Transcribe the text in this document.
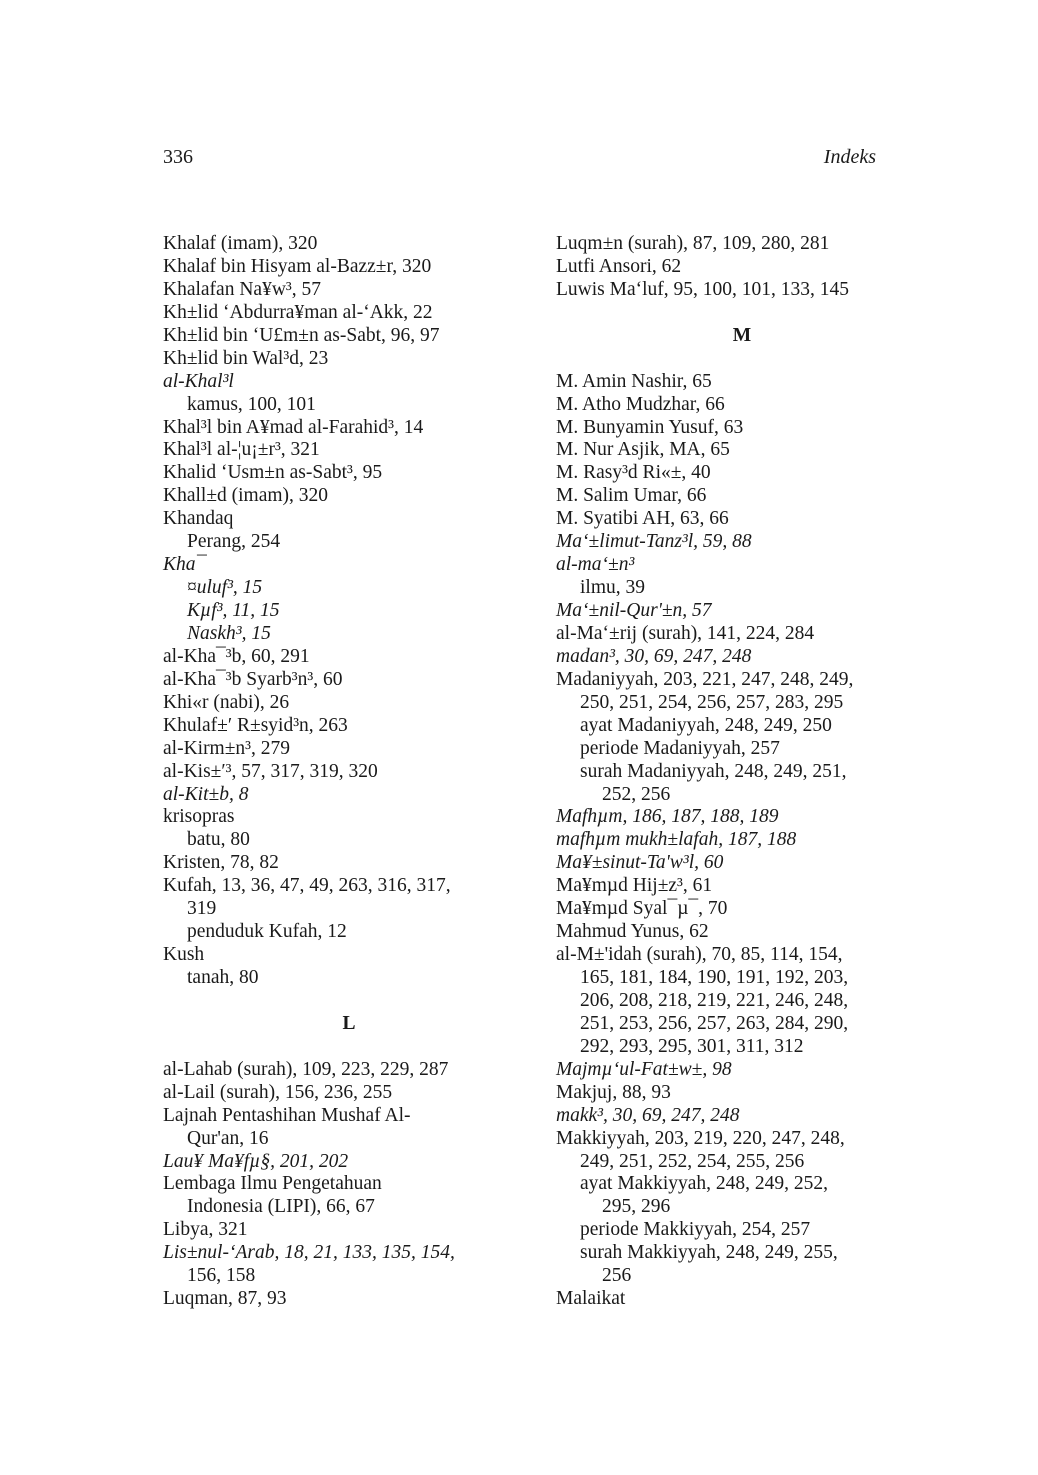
336	Indeks
Khalaf (imam), 320
Khalaf bin Hisyam al-Bazz±r, 320
Khalafan Na¥w³, 57
Kh±lid ‘Abdurra¥man al-‘Akk, 22
Kh±lid bin ‘U£m±n as-Sabt, 96, 97
Kh±lid bin Wal³d, 23
al-Khal³l
kamus, 100, 101
Khal³l bin A¥mad al-Farahid³, 14
Khal³l al-¦u¡±r³, 321
Khalid ‘Usm±n as-Sabt³, 95
Khall±d (imam), 320
Khandaq
Perang, 254
Kha¯
¤uluf³, 15
Kµf³, 11, 15
Naskh³, 15
al-Kha¯³b, 60, 291
al-Kha¯³b Syarb³n³, 60
Khi«r (nabi), 26
Khulaf±′ R±syid³n, 263
al-Kirm±n³, 279
al-Kis±′³, 57, 317, 319, 320
al-Kit±b, 8
krisopras
batu, 80
Kristen, 78, 82
Kufah, 13, 36, 47, 49, 263, 316, 317,
319
penduduk Kufah, 12
Kush
tanah, 80
L
al-Lahab (surah), 109, 223, 229, 287
al-Lail (surah), 156, 236, 255
Lajnah Pentashihan Mushaf Al-
Qur'an, 16
Lau¥ Ma¥fµ§, 201, 202
Lembaga Ilmu Pengetahuan
Indonesia (LIPI), 66, 67
Libya, 321
Lis±nul-‘Arab, 18, 21, 133, 135, 154,
156, 158
Luqman, 87, 93
Luqm±n (surah), 87, 109, 280, 281
Lutfi Ansori, 62
Luwis Ma‘luf, 95, 100, 101, 133, 145
M
M. Amin Nashir, 65
M. Atho Mudzhar, 66
M. Bunyamin Yusuf, 63
M. Nur Asjik, MA, 65
M. Rasy³d Ri«±, 40
M. Salim Umar, 66
M. Syatibi AH, 63, 66
Ma‘±limut-Tanz³l, 59, 88
al-ma‘±n³
ilmu, 39
Ma‘±nil-Qur'±n, 57
al-Ma‘±rij (surah), 141, 224, 284
madan³, 30, 69, 247, 248
Madaniyyah, 203, 221, 247, 248, 249,
250, 251, 254, 256, 257, 283, 295
ayat Madaniyyah, 248, 249, 250
periode Madaniyyah, 257
surah Madaniyyah, 248, 249, 251,
252, 256
Mafhµm, 186, 187, 188, 189
mafhµm mukh±lafah, 187, 188
Ma¥±sinut-Ta'w³l, 60
Ma¥mµd Hij±z³, 61
Ma¥mµd Syal¯µ¯, 70
Mahmud Yunus, 62
al-M±'idah (surah), 70, 85, 114, 154,
165, 181, 184, 190, 191, 192, 203,
206, 208, 218, 219, 221, 246, 248,
251, 253, 256, 257, 263, 284, 290,
292, 293, 295, 301, 311, 312
Majmµ‘ul-Fat±w±, 98
Makjuj, 88, 93
makk³, 30, 69, 247, 248
Makkiyyah, 203, 219, 220, 247, 248,
249, 251, 252, 254, 255, 256
ayat Makkiyyah, 248, 249, 252,
295, 296
periode Makkiyyah, 254, 257
surah Makkiyyah, 248, 249, 255,
256
Malaikat
